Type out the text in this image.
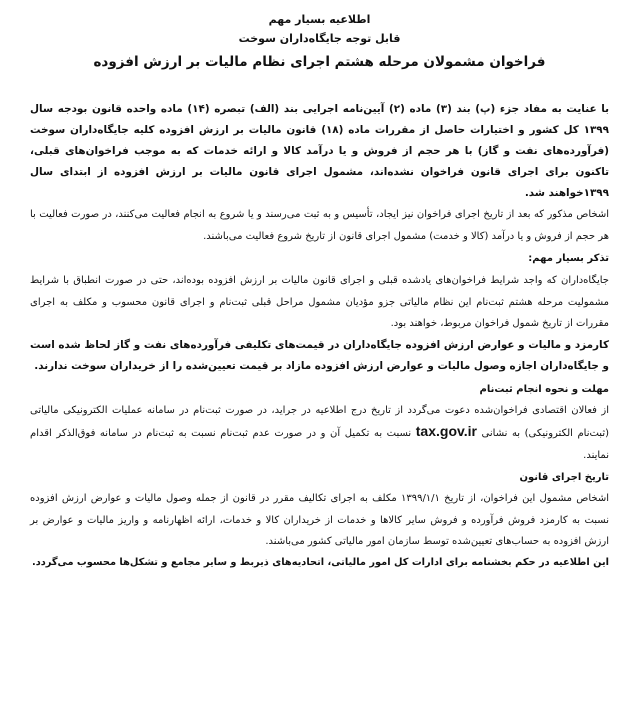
اطلاعیه بسیار مهم

قابل توجه جایگاه‌داران سوخت

فراخوان مشمولان مرحله هشتم اجرای نظام مالیات بر ارزش افزوده

با عنایت به مفاد جزء (پ) بند (۳) ماده (۲) آیین‌نامه اجرایی بند (الف) تبصره (۱۴) ماده واحده قانون بودجه سال ۱۳۹۹ کل کشور و اختیارات حاصل از مقررات ماده (۱۸) قانون مالیات بر ارزش افزوده کلیه جایگاه‌داران سوخت (فرآورده‌های نفت و گاز) با هر حجم از فروش و یا درآمد کالا و ارائه خدمات که به موجب فراخوان‌های قبلی، تاکنون برای اجرای قانون فراخوان نشده‌اند، مشمول اجرای قانون مالیات بر ارزش افزوده از ابتدای سال ۱۳۹۹خواهند شد.

اشخاص مذکور که بعد از تاریخ اجرای فراخوان نیز ایجاد، تأسیس و به ثبت می‌رسند و یا شروع به انجام فعالیت می‌کنند، در صورت فعالیت با هر حجم از فروش و یا درآمد (کالا و خدمت) مشمول اجرای قانون از تاریخ شروع فعالیت می‌باشند.

تذکر بسیار مهم:

جایگاه‌داران که واجد شرایط فراخوان‌های یادشده قبلی و اجرای قانون مالیات بر ارزش افزوده بوده‌اند، حتی در صورت انطباق با شرایط مشمولیت مرحله هشتم ثبت‌نام این نظام مالیاتی جزو مؤدیان مشمول مراحل قبلی ثبت‌نام و اجرای قانون محسوب و مکلف به اجرای مقررات از تاریخ شمول فراخوان مربوط، خواهند بود.

کارمزد و مالیات و عوارض ارزش افزوده جایگاه‌داران در قیمت‌های تکلیفی فرآورده‌های نفت و گاز لحاظ شده است و جایگاه‌داران اجازه وصول مالیات و عوارض ارزش افزوده مازاد بر قیمت تعیین‌شده را از خریداران سوخت ندارند.

مهلت و نحوه انجام ثبت‌نام

از فعالان اقتصادی فراخوان‌شده دعوت می‌گردد از تاریخ درج اطلاعیه در جراید، در صورت ثبت‌نام در سامانه عملیات الکترونیکی مالیاتی (ثبت‌نام الکترونیکی) به نشانی tax.gov.ir نسبت به تکمیل آن و در صورت عدم ثبت‌نام نسبت به ثبت‌نام در سامانه فوق‌الذکر اقدام نمایند.

تاریخ اجرای قانون

اشخاص مشمول این فراخوان، از تاریخ ۱۳۹۹/۱/۱ مکلف به اجرای تکالیف مقرر در قانون از جمله وصول مالیات و عوارض ارزش افزوده نسبت به کارمزد فروش فرآورده و فروش سایر کالاها و خدمات از خریداران کالا و خدمات، ارائه اظهارنامه و واریز مالیات و عوارض بر ارزش افزوده به حساب‌های تعیین‌شده توسط سازمان امور مالیاتی کشور می‌باشند.

این اطلاعیه در حکم بخشنامه برای ادارات کل امور مالیاتی، اتحادیه‌های ذیربط و سایر مجامع و تشکل‌ها محسوب می‌گردد.
